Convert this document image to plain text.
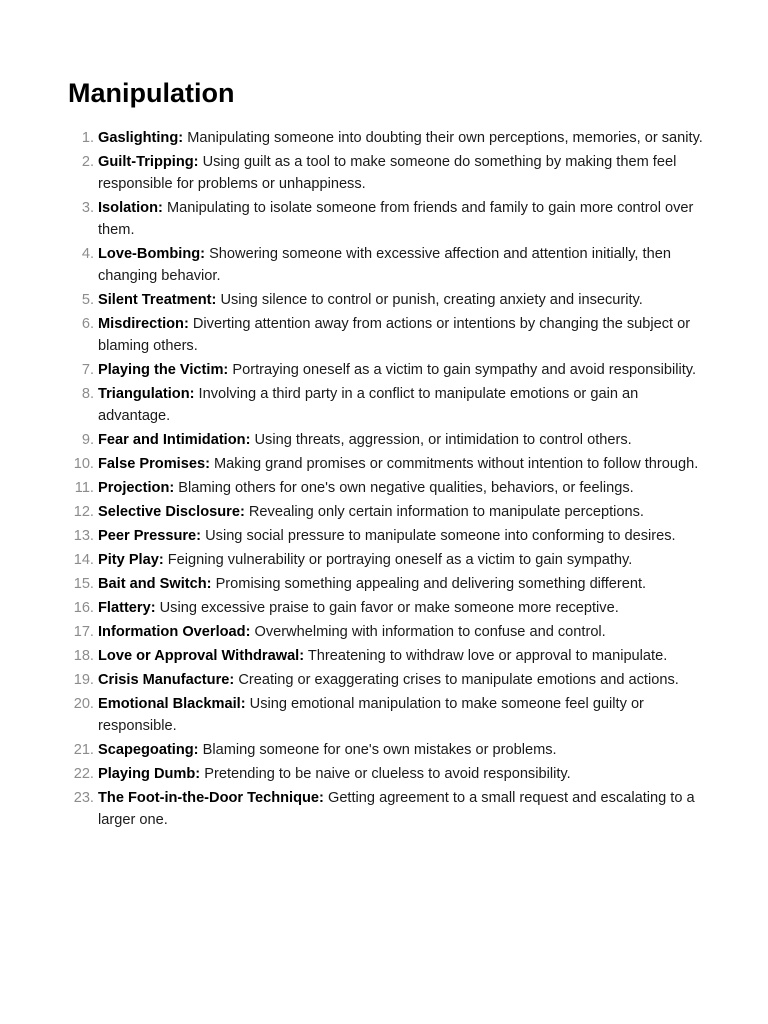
Manipulation
1. Gaslighting: Manipulating someone into doubting their own perceptions, memories, or sanity.
2. Guilt-Tripping: Using guilt as a tool to make someone do something by making them feel responsible for problems or unhappiness.
3. Isolation: Manipulating to isolate someone from friends and family to gain more control over them.
4. Love-Bombing: Showering someone with excessive affection and attention initially, then changing behavior.
5. Silent Treatment: Using silence to control or punish, creating anxiety and insecurity.
6. Misdirection: Diverting attention away from actions or intentions by changing the subject or blaming others.
7. Playing the Victim: Portraying oneself as a victim to gain sympathy and avoid responsibility.
8. Triangulation: Involving a third party in a conflict to manipulate emotions or gain an advantage.
9. Fear and Intimidation: Using threats, aggression, or intimidation to control others.
10. False Promises: Making grand promises or commitments without intention to follow through.
11. Projection: Blaming others for one's own negative qualities, behaviors, or feelings.
12. Selective Disclosure: Revealing only certain information to manipulate perceptions.
13. Peer Pressure: Using social pressure to manipulate someone into conforming to desires.
14. Pity Play: Feigning vulnerability or portraying oneself as a victim to gain sympathy.
15. Bait and Switch: Promising something appealing and delivering something different.
16. Flattery: Using excessive praise to gain favor or make someone more receptive.
17. Information Overload: Overwhelming with information to confuse and control.
18. Love or Approval Withdrawal: Threatening to withdraw love or approval to manipulate.
19. Crisis Manufacture: Creating or exaggerating crises to manipulate emotions and actions.
20. Emotional Blackmail: Using emotional manipulation to make someone feel guilty or responsible.
21. Scapegoating: Blaming someone for one's own mistakes or problems.
22. Playing Dumb: Pretending to be naive or clueless to avoid responsibility.
23. The Foot-in-the-Door Technique: Getting agreement to a small request and escalating to a larger one.
